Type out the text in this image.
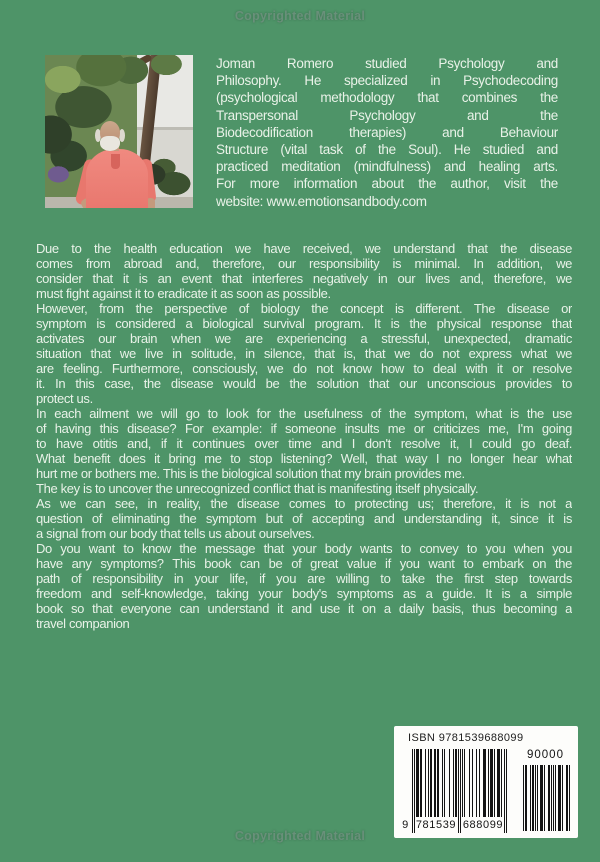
Copyrighted Material
Joman Romero studied Psychology and
Philosophy. He specialized in Psychodecoding
(psychological methodology that combines the
Transpersonal Psychology and the
Biodecodification therapies) and Behaviour
Structure (vital task of the Soul). He studied and
practiced meditation (mindfulness) and healing arts.
For more information about the author, visit the
website: www.emotionsandbody.com
Due to the health education we have received, we understand that the disease
comes from abroad and, therefore, our responsibility is minimal. In addition, we
consider that it is an event that interferes negatively in our lives and, therefore, we
must fight against it to eradicate it as soon as possible.
However, from the perspective of biology the concept is different. The disease or
symptom is considered a biological survival program. It is the physical response that
activates our brain when we are experiencing a stressful, unexpected, dramatic
situation that we live in solitude, in silence, that is, that we do not express what we
are feeling. Furthermore, consciously, we do not know how to deal with it or resolve
it. In this case, the disease would be the solution that our unconscious provides to
protect us.
In each ailment we will go to look for the usefulness of the symptom, what is the use
of having this disease? For example: if someone insults me or criticizes me, I'm going
to have otitis and, if it continues over time and I don't resolve it, I could go deaf.
What benefit does it bring me to stop listening? Well, that way I no longer hear what
hurt me or bothers me. This is the biological solution that my brain provides me.
The key is to uncover the unrecognized conflict that is manifesting itself physically.
As we can see, in reality, the disease comes to protecting us; therefore, it is not a
question of eliminating the symptom but of accepting and understanding it, since it is
a signal from our body that tells us about ourselves.
Do you want to know the message that your body wants to convey to you when you
have any symptoms? This book can be of great value if you want to embark on the
path of responsibility in your life, if you are willing to take the first step towards
freedom and self-knowledge, taking your body's symptoms as a guide. It is a simple
book so that everyone can understand it and use it on a daily basis, thus becoming a
travel companion
ISBN 9781539688099
9 781539 688099
90000
Copyrighted Material
